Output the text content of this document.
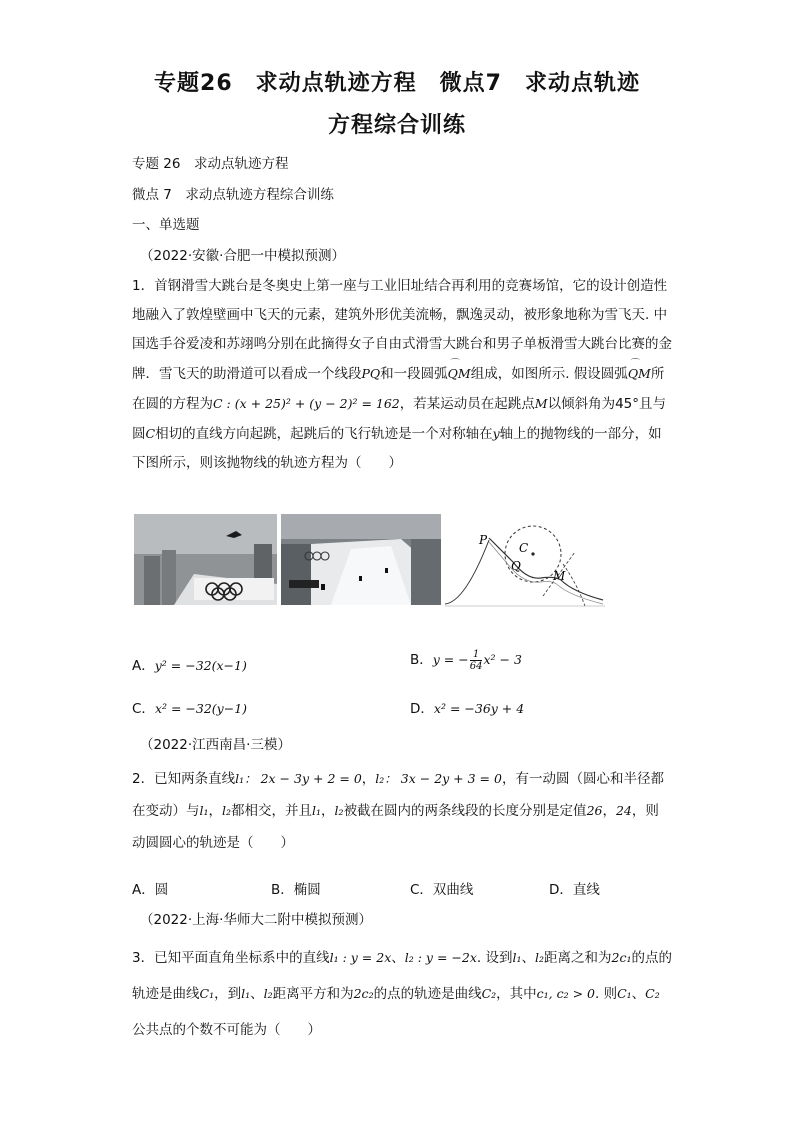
专题26　求动点轨迹方程　微点7　求动点轨迹
方程综合训练
专题 26　求动点轨迹方程
微点 7　求动点轨迹方程综合训练
一、单选题
（2022·安徽·合肥一中模拟预测）
1．首钢滑雪大跳台是冬奥史上第一座与工业旧址结合再利用的竞赛场馆，它的设计创造性地融入了敦煌壁画中飞天的元素，建筑外形优美流畅，飘逸灵动，被形象地称为雪飞天. 中国选手谷爱凌和苏翊鸣分别在此摘得女子自由式滑雪大跳台和男子单板滑雪大跳台比赛的金牌．雪飞天的助滑道可以看成一个线段PQ和一段圆弧⌒ QM组成，如图所示. 假设圆弧⌒ QM所在圆的方程为C : (x + 25)² + (y − 2)² = 162，若某运动员在起跳点M以倾斜角为45°且与圆C相切的直线方向起跳，起跳后的飞行轨迹是一个对称轴在y轴上的抛物线的一部分，如下图所示，则该抛物线的轨迹方程为（　　）
P
C
Q
M
A．y² = −32(x−1)	B．y = − $\frac{1}{64} x^2 - 3$
C．x² = −32(y−1)	D．x² = −36y + 4
（2022·江西南昌·三模）
2．已知两条直线l₁： 2x − 3y + 2 = 0，l₂： 3x − 2y + 3 = 0，有一动圆（圆心和半径都在变动）与l₁，l₂都相交，并且l₁，l₂被截在圆内的两条线段的长度分别是定值26，24，则动圆圆心的轨迹是（　　）
A．圆	B．椭圆	C．双曲线	D．直线
（2022·上海·华师大二附中模拟预测）
3．已知平面直角坐标系中的直线l₁ : y = 2x、l₂ : y = −2x. 设到l₁、l₂距离之和为2c₁的点的轨迹是曲线C₁，到l₁、l₂距离平方和为2c₂的点的轨迹是曲线C₂，其中c₁, c₂ > 0. 则C₁、C₂公共点的个数不可能为（　　）
